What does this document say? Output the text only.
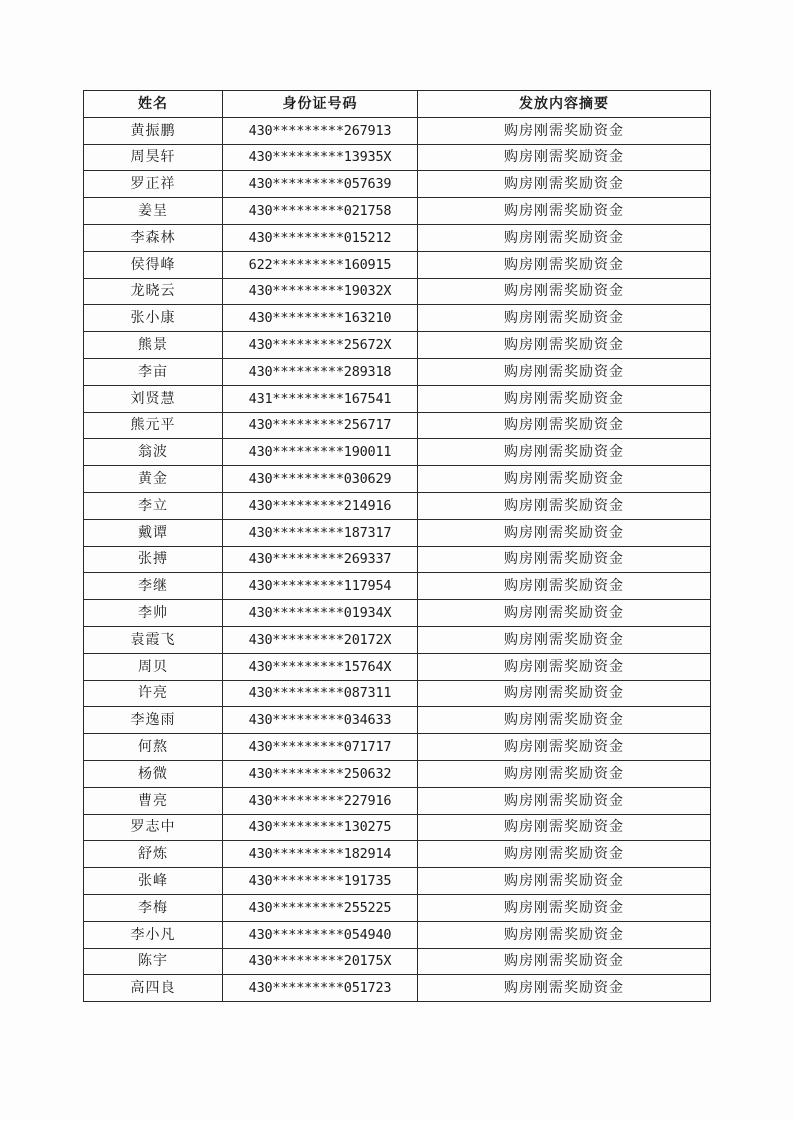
姓名	身份证号码	发放内容摘要
黄振鹏	430*********267913	购房刚需奖励资金
周昊轩	430*********13935X	购房刚需奖励资金
罗正祥	430*********057639	购房刚需奖励资金
姜呈	430*********021758	购房刚需奖励资金
李森林	430*********015212	购房刚需奖励资金
侯得峰	622*********160915	购房刚需奖励资金
龙晓云	430*********19032X	购房刚需奖励资金
张小康	430*********163210	购房刚需奖励资金
熊景	430*********25672X	购房刚需奖励资金
李亩	430*********289318	购房刚需奖励资金
刘贤慧	431*********167541	购房刚需奖励资金
熊元平	430*********256717	购房刚需奖励资金
翁波	430*********190011	购房刚需奖励资金
黄金	430*********030629	购房刚需奖励资金
李立	430*********214916	购房刚需奖励资金
戴谭	430*********187317	购房刚需奖励资金
张搏	430*********269337	购房刚需奖励资金
李继	430*********117954	购房刚需奖励资金
李帅	430*********01934X	购房刚需奖励资金
袁霞飞	430*********20172X	购房刚需奖励资金
周贝	430*********15764X	购房刚需奖励资金
许亮	430*********087311	购房刚需奖励资金
李逸雨	430*********034633	购房刚需奖励资金
何熬	430*********071717	购房刚需奖励资金
杨微	430*********250632	购房刚需奖励资金
曹亮	430*********227916	购房刚需奖励资金
罗志中	430*********130275	购房刚需奖励资金
舒炼	430*********182914	购房刚需奖励资金
张峰	430*********191735	购房刚需奖励资金
李梅	430*********255225	购房刚需奖励资金
李小凡	430*********054940	购房刚需奖励资金
陈宇	430*********20175X	购房刚需奖励资金
高四良	430*********051723	购房刚需奖励资金
